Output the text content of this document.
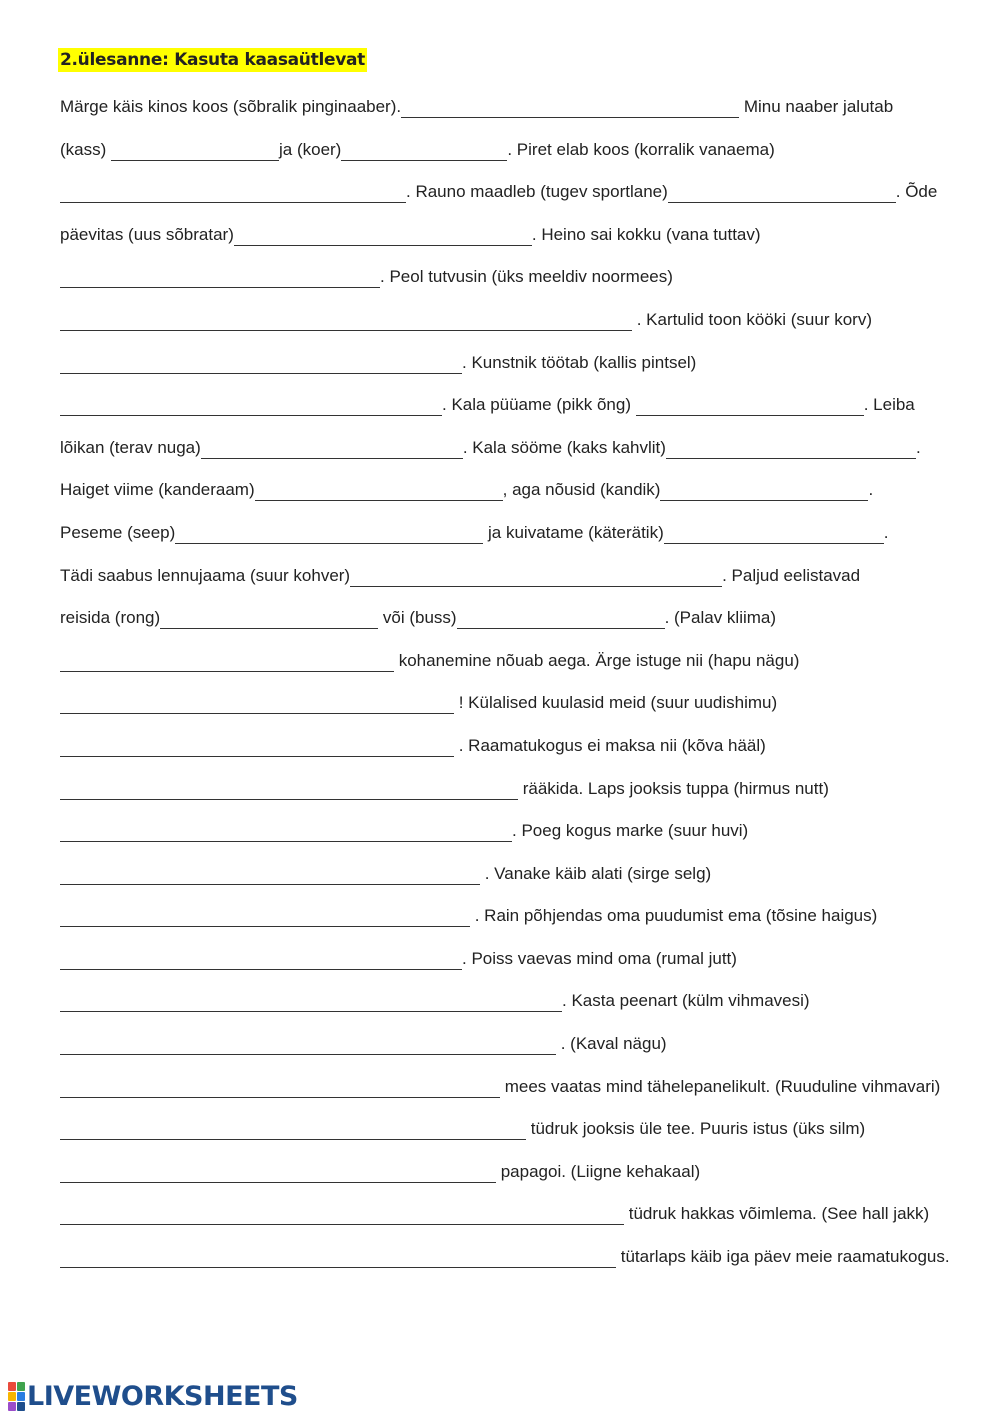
2.ülesanne: Kasuta kaasaütlevat
Märge käis kinos koos (sõbralik pinginaaber).	Minu naaber jalutab
(kass)	ja (koer)	. Piret elab koos (korralik vanaema)
. Rauno maadleb (tugev sportlane)	. Õde
päevitas (uus sõbratar)	. Heino sai kokku (vana tuttav)
. Peol tutvusin (üks meeldiv noormees)
. Kartulid toon kööki (suur korv)
. Kunstnik töötab (kallis pintsel)
. Kala püüame (pikk õng)	. Leiba
lõikan (terav nuga)	. Kala sööme (kaks kahvlit)	.
Haiget viime (kanderaam)	, aga nõusid (kandik)	.
Peseme (seep)	ja kuivatame (käterätik)	.
Tädi saabus lennujaama (suur kohver)	. Paljud eelistavad
reisida (rong)	või (buss)	. (Palav kliima)
kohanemine nõuab aega. Ärge istuge nii (hapu nägu)
! Külalised kuulasid meid (suur uudishimu)
. Raamatukogus ei maksa nii (kõva hääl)
rääkida. Laps jooksis tuppa (hirmus nutt)
. Poeg kogus marke (suur huvi)
. Vanake käib alati (sirge selg)
. Rain põhjendas oma puudumist ema (tõsine haigus)
. Poiss vaevas mind oma (rumal jutt)
. Kasta peenart (külm vihmavesi)
. (Kaval nägu)
mees vaatas mind tähelepanelikult. (Ruuduline vihmavari)
tüdruk jooksis üle tee. Puuris istus (üks silm)
papagoi. (Liigne kehakaal)
tüdruk hakkas võimlema. (See hall jakk)
tütarlaps käib iga päev meie raamatukogus.
LIVEWORKSHEETS
